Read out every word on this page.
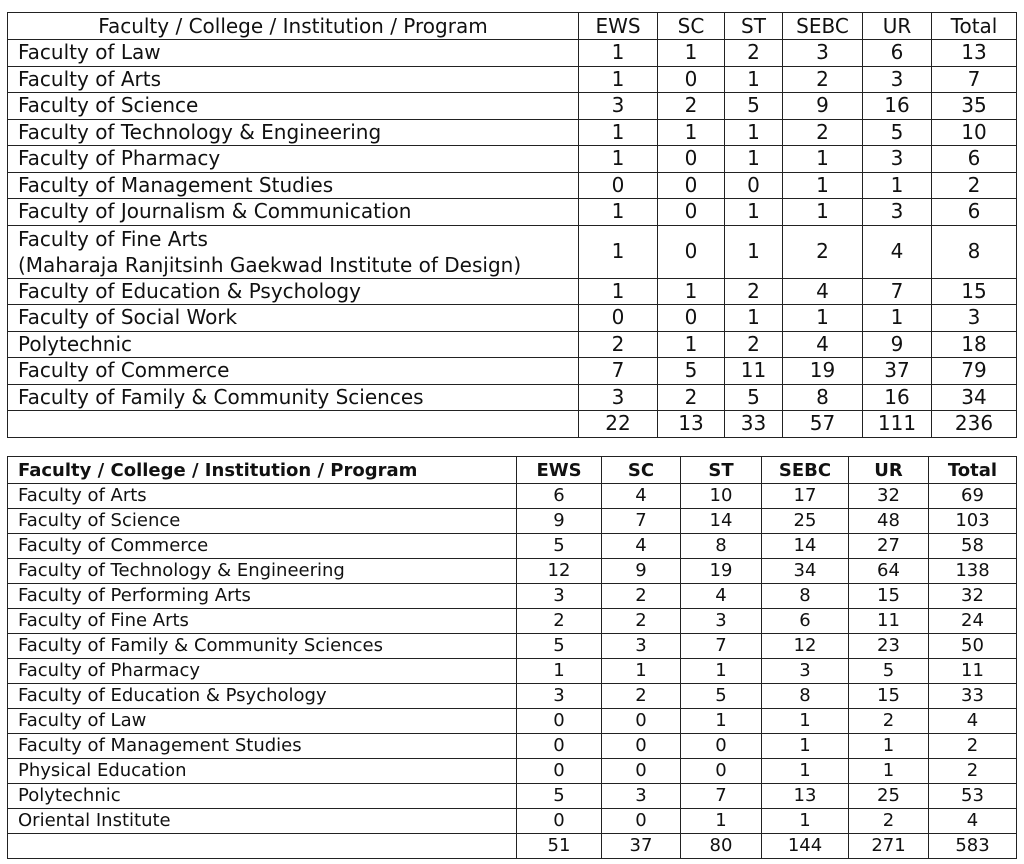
Faculty / College / Institution / Program	EWS	SC	ST	SEBC	UR	Total
Faculty of Law	1	1	2	3	6	13
Faculty of Arts	1	0	1	2	3	7
Faculty of Science	3	2	5	9	16	35
Faculty of Technology & Engineering	1	1	1	2	5	10
Faculty of Pharmacy	1	0	1	1	3	6
Faculty of Management Studies	0	0	0	1	1	2
Faculty of Journalism & Communication	1	0	1	1	3	6
Faculty of Fine Arts
(Maharaja Ranjitsinh Gaekwad Institute of Design)	1	0	1	2	4	8
Faculty of Education & Psychology	1	1	2	4	7	15
Faculty of Social Work	0	0	1	1	1	3
Polytechnic	2	1	2	4	9	18
Faculty of Commerce	7	5	11	19	37	79
Faculty of Family & Community Sciences	3	2	5	8	16	34
	22	13	33	57	111	236
Faculty / College / Institution / Program	EWS	SC	ST	SEBC	UR	Total
Faculty of Arts	6	4	10	17	32	69
Faculty of Science	9	7	14	25	48	103
Faculty of Commerce	5	4	8	14	27	58
Faculty of Technology & Engineering	12	9	19	34	64	138
Faculty of Performing Arts	3	2	4	8	15	32
Faculty of Fine Arts	2	2	3	6	11	24
Faculty of Family & Community Sciences	5	3	7	12	23	50
Faculty of Pharmacy	1	1	1	3	5	11
Faculty of Education & Psychology	3	2	5	8	15	33
Faculty of Law	0	0	1	1	2	4
Faculty of Management Studies	0	0	0	1	1	2
Physical Education	0	0	0	1	1	2
Polytechnic	5	3	7	13	25	53
Oriental Institute	0	0	1	1	2	4
	51	37	80	144	271	583
